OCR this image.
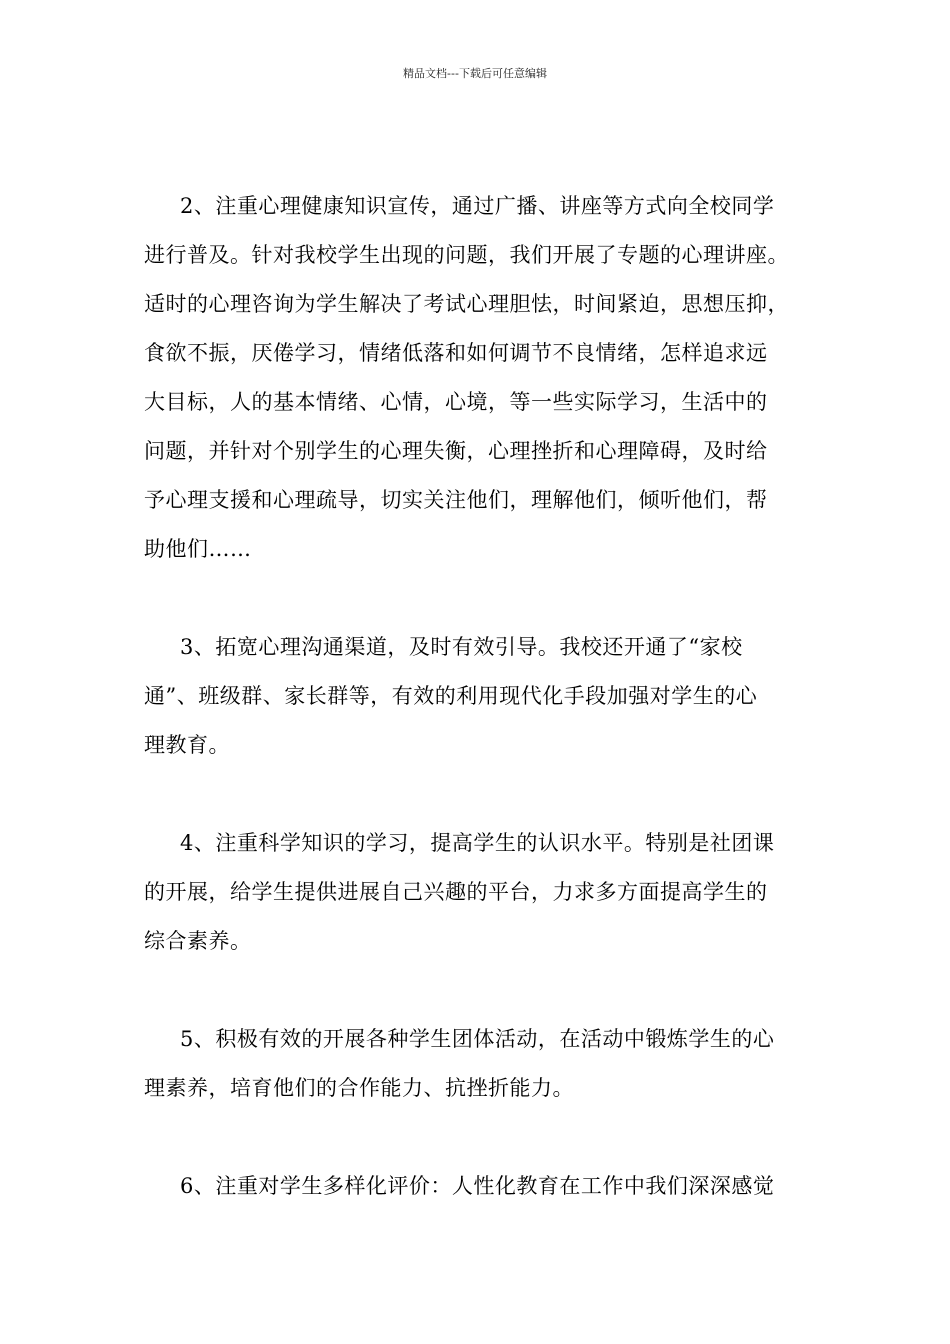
精品文档---下载后可任意编辑
2、注重心理健康知识宣传，通过广播、讲座等方式向全校同学
进行普及。针对我校学生出现的问题，我们开展了专题的心理讲座。
适时的心理咨询为学生解决了考试心理胆怯，时间紧迫，思想压抑，
食欲不振，厌倦学习，情绪低落和如何调节不良情绪，怎样追求远
大目标，人的基本情绪、心情，心境，等一些实际学习，生活中的
问题，并针对个别学生的心理失衡，心理挫折和心理障碍，及时给
予心理支援和心理疏导，切实关注他们，理解他们，倾听他们，帮
助他们……
3、拓宽心理沟通渠道，及时有效引导。我校还开通了“家校
通”、班级群、家长群等，有效的利用现代化手段加强对学生的心
理教育。
4、注重科学知识的学习，提高学生的认识水平。特别是社团课
的开展，给学生提供进展自己兴趣的平台，力求多方面提高学生的
综合素养。
5、积极有效的开展各种学生团体活动，在活动中锻炼学生的心
理素养，培育他们的合作能力、抗挫折能力。
6、注重对学生多样化评价：人性化教育在工作中我们深深感觉
